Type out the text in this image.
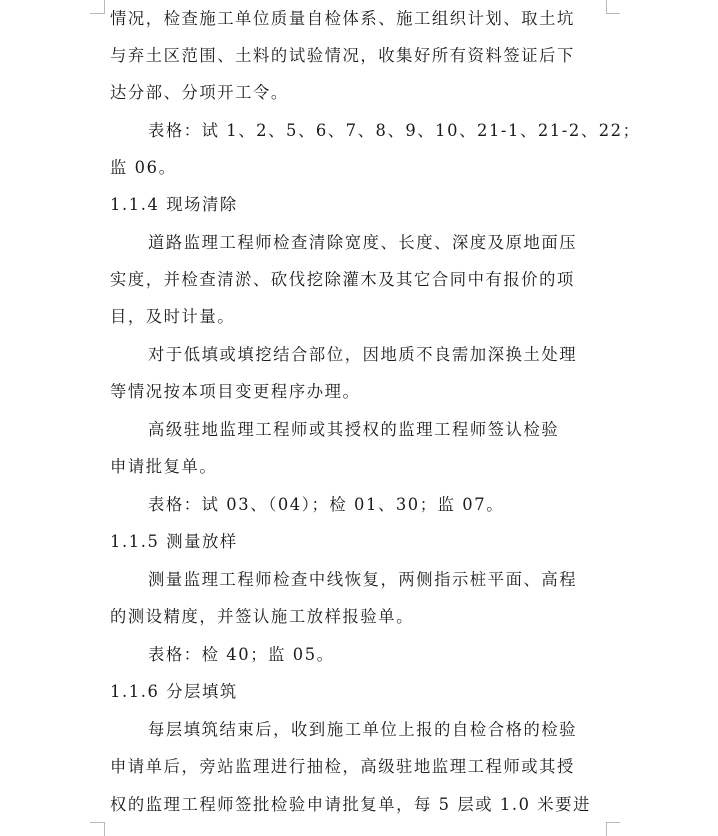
情况，检查施工单位质量自检体系、施工组织计划、取土坑
与弃土区范围、土料的试验情况，收集好所有资料签证后下
达分部、分项开工令。
表格：试 1、2、5、6、7、8、9、10、21-1、21-2、22；
监 06。
1.1.4 现场清除
道路监理工程师检查清除宽度、长度、深度及原地面压
实度，并检查清淤、砍伐挖除灌木及其它合同中有报价的项
目，及时计量。
对于低填或填挖结合部位，因地质不良需加深换土处理
等情况按本项目变更程序办理。
高级驻地监理工程师或其授权的监理工程师签认检验
申请批复单。
表格：试 03、（04）；检 01、30；监 07。
1.1.5 测量放样
测量监理工程师检查中线恢复，两侧指示桩平面、高程
的测设精度，并签认施工放样报验单。
表格：检 40；监 05。
1.1.6 分层填筑
每层填筑结束后，收到施工单位上报的自检合格的检验
申请单后，旁站监理进行抽检，高级驻地监理工程师或其授
权的监理工程师签批检验申请批复单，每 5 层或 1.0 米要进
